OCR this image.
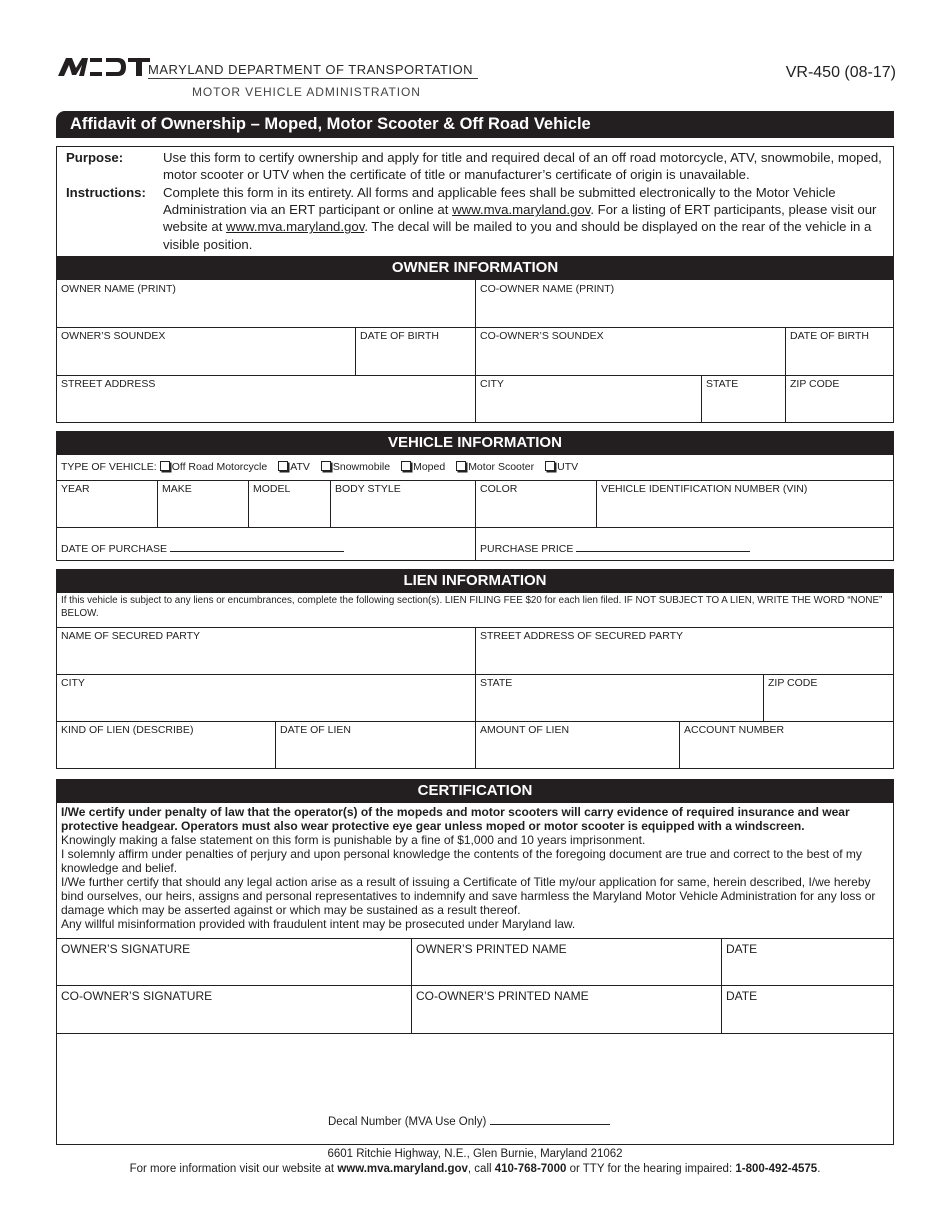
MARYLAND DEPARTMENT OF TRANSPORTATION
MOTOR VEHICLE ADMINISTRATION
VR-450 (08-17)
Affidavit of Ownership – Moped, Motor Scooter & Off Road Vehicle
Purpose:	Use this form to certify ownership and apply for title and required decal of an off road motorcycle, ATV, snowmobile, moped, motor scooter or UTV when the certificate of title or manufacturer’s certificate of origin is unavailable.
Instructions: Complete this form in its entirety. All forms and applicable fees shall be submitted electronically to the Motor Vehicle Administration via an ERT participant or online at www.mva.maryland.gov. For a listing of ERT participants, please visit our website at www.mva.maryland.gov. The decal will be mailed to you and should be displayed on the rear of the vehicle in a visible position.
OWNER INFORMATION
OWNER NAME (PRINT)	CO-OWNER NAME (PRINT)
OWNER’S SOUNDEX	DATE OF BIRTH	CO-OWNER’S SOUNDEX	DATE OF BIRTH
STREET ADDRESS	CITY	STATE	ZIP CODE
VEHICLE INFORMATION
TYPE OF VEHICLE: Off Road Motorcycle ATV Snowmobile Moped Motor Scooter UTV
YEAR	MAKE	MODEL	BODY STYLE	COLOR	VEHICLE IDENTIFICATION NUMBER (VIN)
DATE OF PURCHASE	PURCHASE PRICE
LIEN INFORMATION
If this vehicle is subject to any liens or encumbrances, complete the following section(s). LIEN FILING FEE $20 for each lien filed. IF NOT SUBJECT TO A LIEN, WRITE THE WORD “NONE” BELOW.
NAME OF SECURED PARTY	STREET ADDRESS OF SECURED PARTY
CITY	STATE	ZIP CODE
KIND OF LIEN (DESCRIBE)	DATE OF LIEN	AMOUNT OF LIEN	ACCOUNT NUMBER
CERTIFICATION

I/We certify under penalty of law that the operator(s) of the mopeds and motor scooters will carry evidence of required insurance and wear protective headgear. Operators must also wear protective eye gear unless moped or motor scooter is equipped with a windscreen.

Knowingly making a false statement on this form is punishable by a fine of $1,000 and 10 years imprisonment.

I solemnly affirm under penalties of perjury and upon personal knowledge the contents of the foregoing document are true and correct to the best of my knowledge and belief.

I/We further certify that should any legal action arise as a result of issuing a Certificate of Title my/our application for same, herein described, I/we hereby bind ourselves, our heirs, assigns and personal representatives to indemnify and save harmless the Maryland Motor Vehicle Administration for any loss or damage which may be asserted against or which may be sustained as a result thereof.

Any willful misinformation provided with fraudulent intent may be prosecuted under Maryland law.

OWNER’S SIGNATURE	OWNER’S PRINTED NAME	DATE
CO-OWNER’S SIGNATURE	CO-OWNER’S PRINTED NAME	DATE
Decal Number (MVA Use Only)
6601 Ritchie Highway, N.E., Glen Burnie, Maryland 21062
For more information visit our website at www.mva.maryland.gov, call 410-768-7000 or TTY for the hearing impaired: 1-800-492-4575.
